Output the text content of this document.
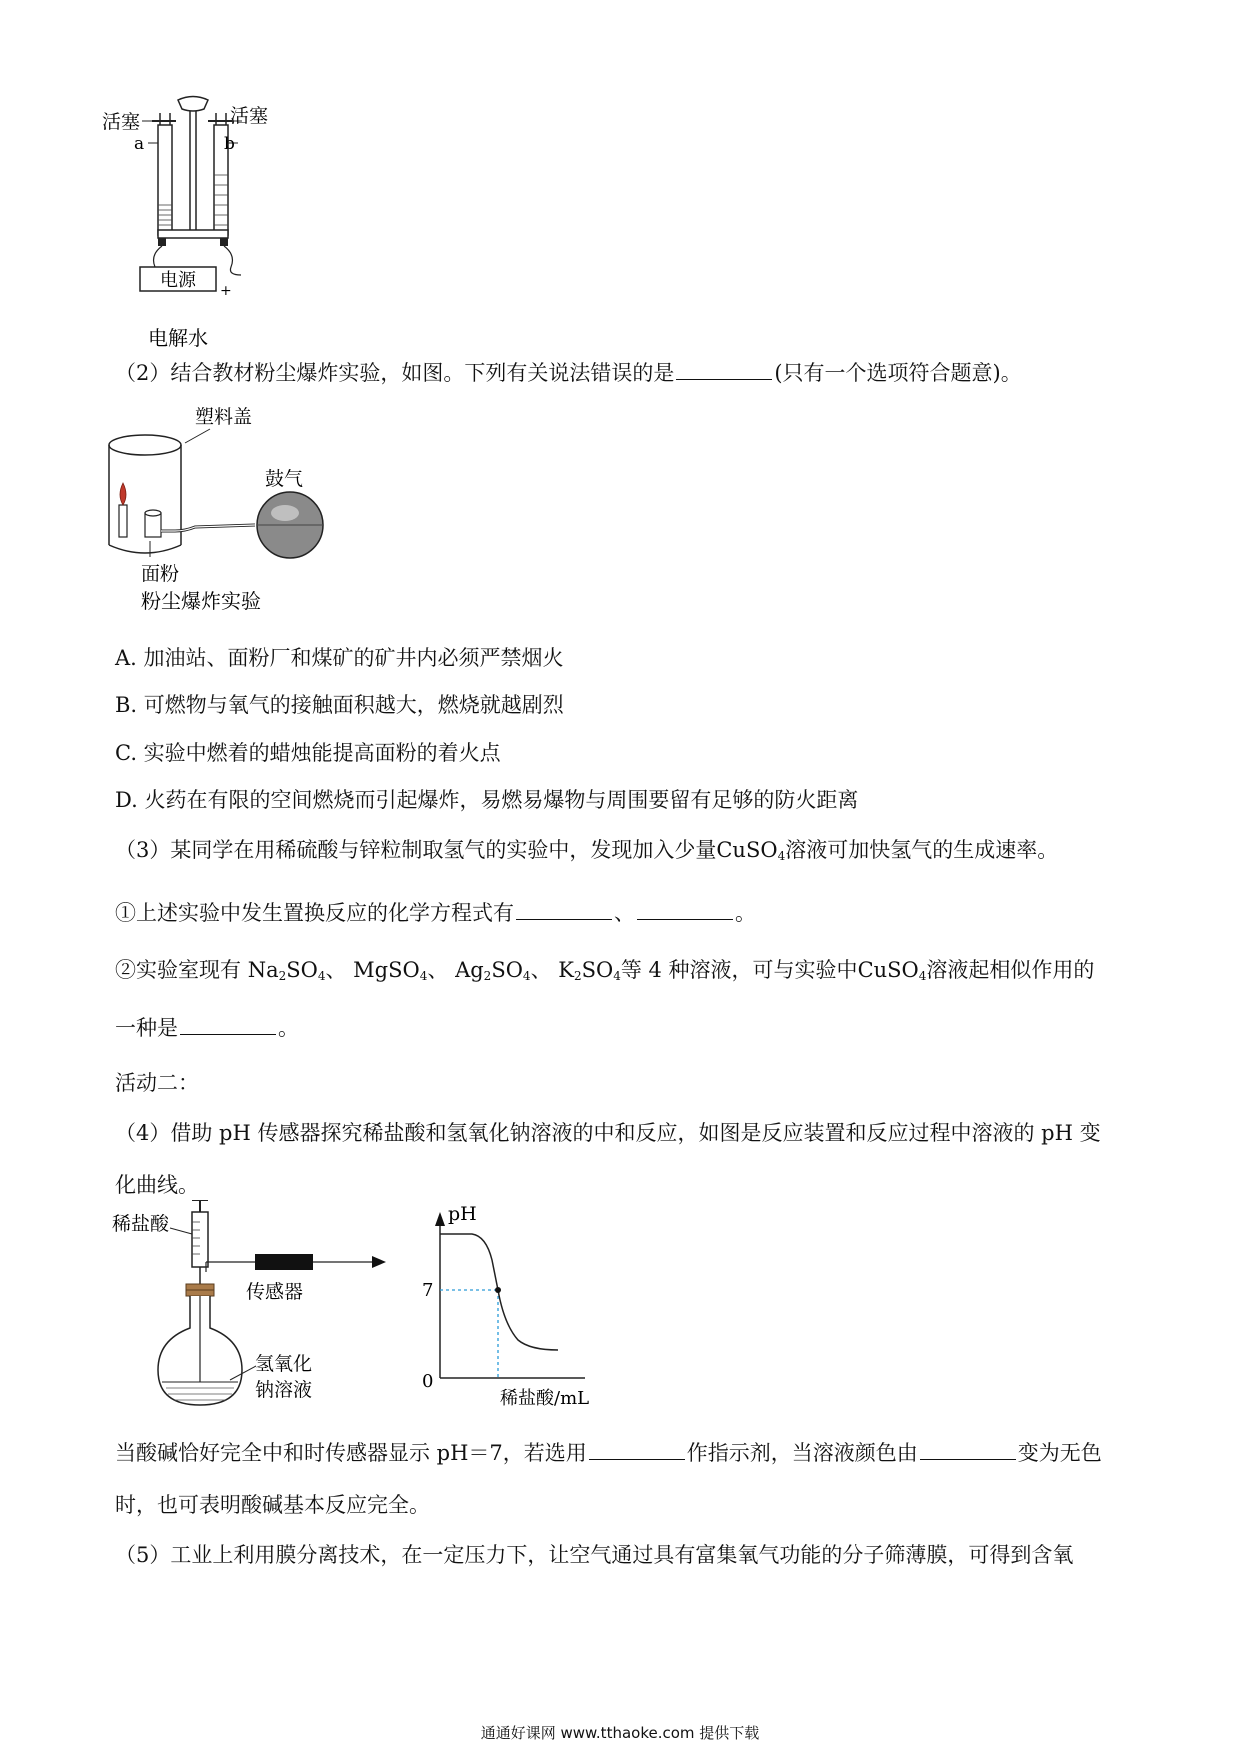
电源 +
a	b
活塞	活塞
电解水
（2）结合教材粉尘爆炸实验，如图。下列有关说法错误的是	(只有一个选项符合题意)。
塑料盖
鼓气
面粉
粉尘爆炸实验
A. 加油站、面粉厂和煤矿的矿井内必须严禁烟火
B. 可燃物与氧气的接触面积越大，燃烧就越剧烈
C. 实验中燃着的蜡烛能提高面粉的着火点
D. 火药在有限的空间燃烧而引起爆炸，易燃易爆物与周围要留有足够的防火距离
（3）某同学在用稀硫酸与锌粒制取氢气的实验中，发现加入少量CuSO$_4$溶液可加快氢气的生成速率。
①上述实验中发生置换反应的化学方程式有	、	。
②实验室现有 $Na_2SO_4$、 MgSO$_4$、 $Ag_2SO_4$、 $K_2SO_4$等 4 种溶液，可与实验中CuSO$_4$溶液起相似作用的
一种是	。
活动二：
（4）借助 pH 传感器探究稀盐酸和氢氧化钠溶液的中和反应，如图是反应装置和反应过程中溶液的 pH 变
化曲线。
稀盐酸
传感器
氢氧化
钠溶液
pH
7
0
稀盐酸/mL
当酸碱恰好完全中和时传感器显示 pH＝7，若选用	作指示剂，当溶液颜色由	变为无色
时，也可表明酸碱基本反应完全。
（5）工业上利用膜分离技术，在一定压力下，让空气通过具有富集氧气功能的分子筛薄膜，可得到含氧
通通好课网 www.tthaoke.com 提供下载
